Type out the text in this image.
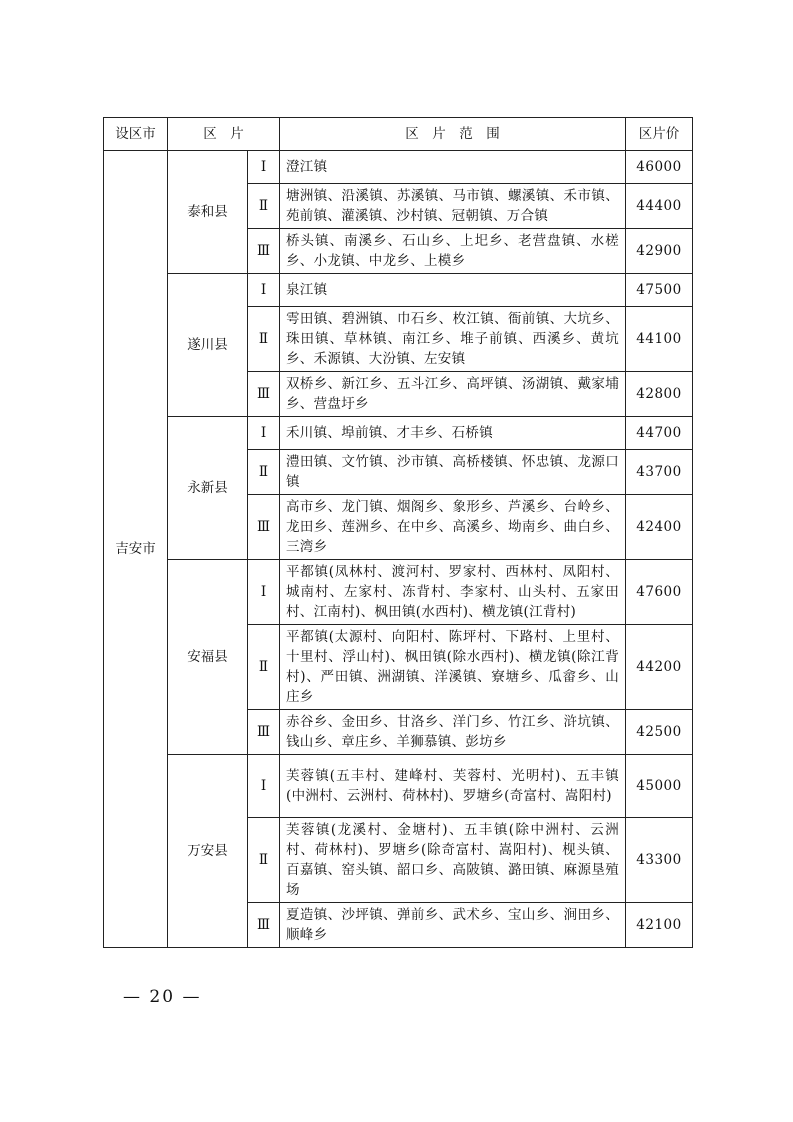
设区市	区　片		区　片　范　围	区片价
吉安市	泰和县	Ⅰ	澄江镇	46000
		Ⅱ	塘洲镇、沿溪镇、苏溪镇、马市镇、螺溪镇、禾市镇、苑前镇、灌溪镇、沙村镇、冠朝镇、万合镇	44400
		Ⅲ	桥头镇、南溪乡、石山乡、上圯乡、老营盘镇、水槎乡、小龙镇、中龙乡、上模乡	42900
	遂川县	Ⅰ	泉江镇	47500
		Ⅱ	雩田镇、碧洲镇、巾石乡、枚江镇、衙前镇、大坑乡、珠田镇、草林镇、南江乡、堆子前镇、西溪乡、黄坑乡、禾源镇、大汾镇、左安镇	44100
		Ⅲ	双桥乡、新江乡、五斗江乡、高坪镇、汤湖镇、戴家埔乡、营盘圩乡	42800
	永新县	Ⅰ	禾川镇、埠前镇、才丰乡、石桥镇	44700
		Ⅱ	澧田镇、文竹镇、沙市镇、高桥楼镇、怀忠镇、龙源口镇	43700
		Ⅲ	高市乡、龙门镇、烟阁乡、象形乡、芦溪乡、台岭乡、龙田乡、莲洲乡、在中乡、高溪乡、坳南乡、曲白乡、三湾乡	42400
	安福县	Ⅰ	平都镇(凤林村、渡河村、罗家村、西林村、凤阳村、城南村、左家村、冻背村、李家村、山头村、五家田村、江南村)、枫田镇(水西村)、横龙镇(江背村)	47600
		Ⅱ	平都镇(太源村、向阳村、陈坪村、下路村、上里村、十里村、浮山村)、枫田镇(除水西村)、横龙镇(除江背村)、严田镇、洲湖镇、洋溪镇、寮塘乡、瓜畲乡、山庄乡	44200
		Ⅲ	赤谷乡、金田乡、甘洛乡、洋门乡、竹江乡、浒坑镇、钱山乡、章庄乡、羊狮慕镇、彭坊乡	42500
	万安县	Ⅰ	芙蓉镇(五丰村、建峰村、芙蓉村、光明村)、五丰镇(中洲村、云洲村、荷林村)、罗塘乡(奇富村、嵩阳村)	45000
		Ⅱ	芙蓉镇(龙溪村、金塘村)、五丰镇(除中洲村、云洲村、荷林村)、罗塘乡(除奇富村、嵩阳村)、枧头镇、百嘉镇、窑头镇、韶口乡、高陂镇、潞田镇、麻源垦殖场	43300
		Ⅲ	夏造镇、沙坪镇、弹前乡、武术乡、宝山乡、涧田乡、顺峰乡	42100
— 20 —
